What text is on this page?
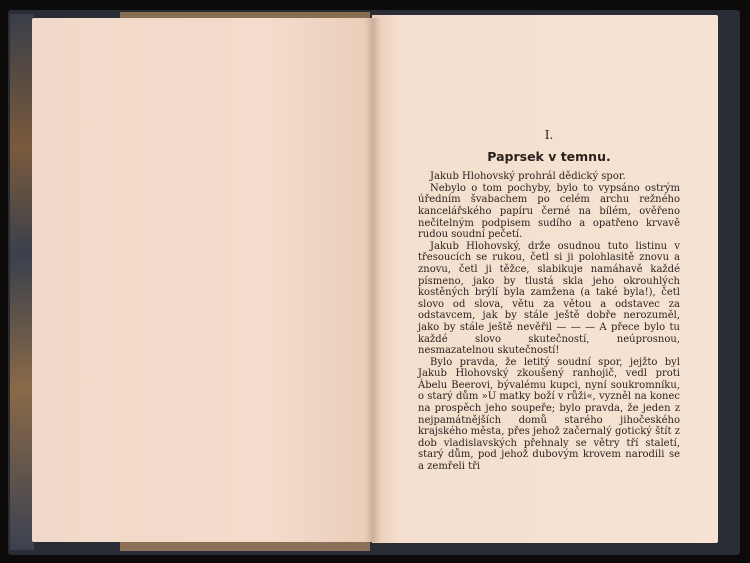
I.
Paprsek v temnu.

Jakub Hlohovský prohrál dědický spor.

Nebylo o tom pochyby, bylo to vypsáno ostrým úředním švabachem po celém archu režného kancelářského papíru černé na bílém, ověřeno nečitelným podpisem sudího a opatřeno krvavě rudou soudní pečetí.

Jakub Hlohovský, drže osudnou tuto listinu v třesoucích se rukou, četl si ji polohlasitě znovu a znovu, četl ji těžce, slabikuje namáhavě každé písmeno, jako by tlustá skla jeho okrouhlých kostěných brýlí byla zamžena (a také byla!), četl slovo od slova, větu za větou a odstavec za odstavcem, jak by stále ještě dobře nerozuměl, jako by stále ještě nevěřil — — — A přece bylo tu každé slovo skutečností, neúprosnou, nesmazatelnou skutečností!

Bylo pravda, že letitý soudní spor, jejžto byl Jakub Hlohovský zkoušený ranhojič, vedl proti Ábelu Beerovi, bývalému kupci, nyní soukromníku, o starý dům »U matky boží v růži«, vyzněl na konec na prospěch jeho soupeře; bylo pravda, že jeden z nejpamátnějších domů starého jihočeského krajského města, přes jehož začernalý gotický štít z dob vladislavských přehnaly se větry tří staletí, starý dům, pod jehož dubovým krovem narodili se a zemřeli tři
